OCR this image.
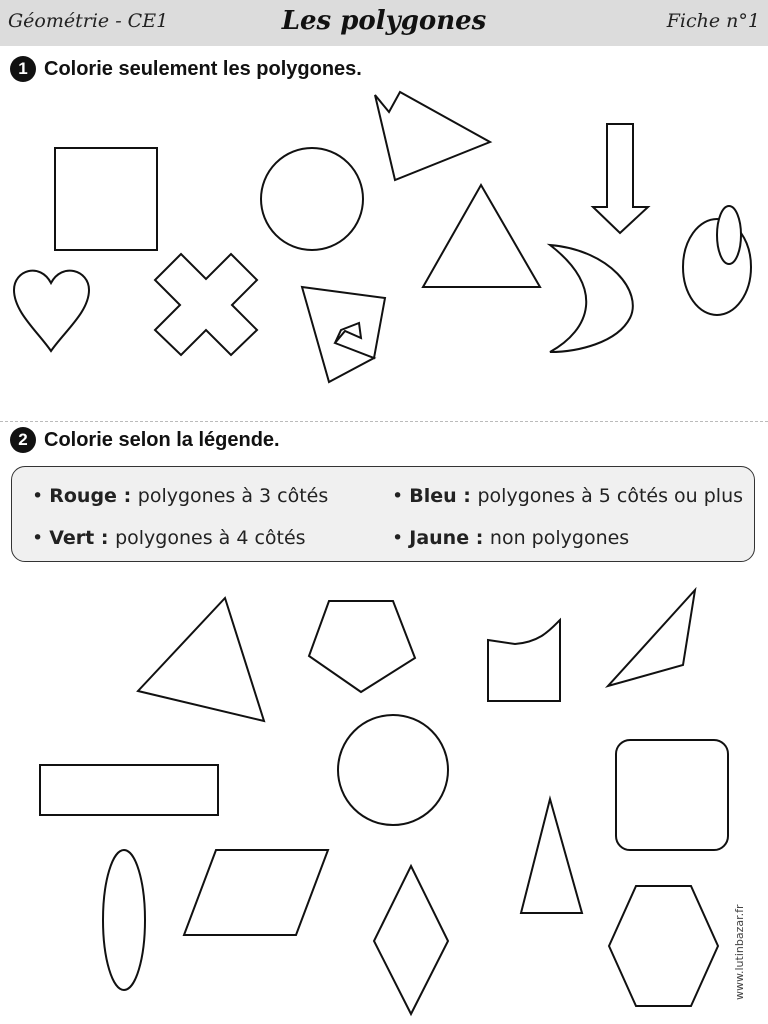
Géométrie - CE1	Les polygones	Fiche n°1
1 Colorie seulement les polygones.
2 Colorie selon la légende.
• Rouge : polygones à 3 côtés	• Bleu : polygones à 5 côtés ou plus
• Vert : polygones à 4 côtés	• Jaune : non polygones
www.lutinbazar.fr
